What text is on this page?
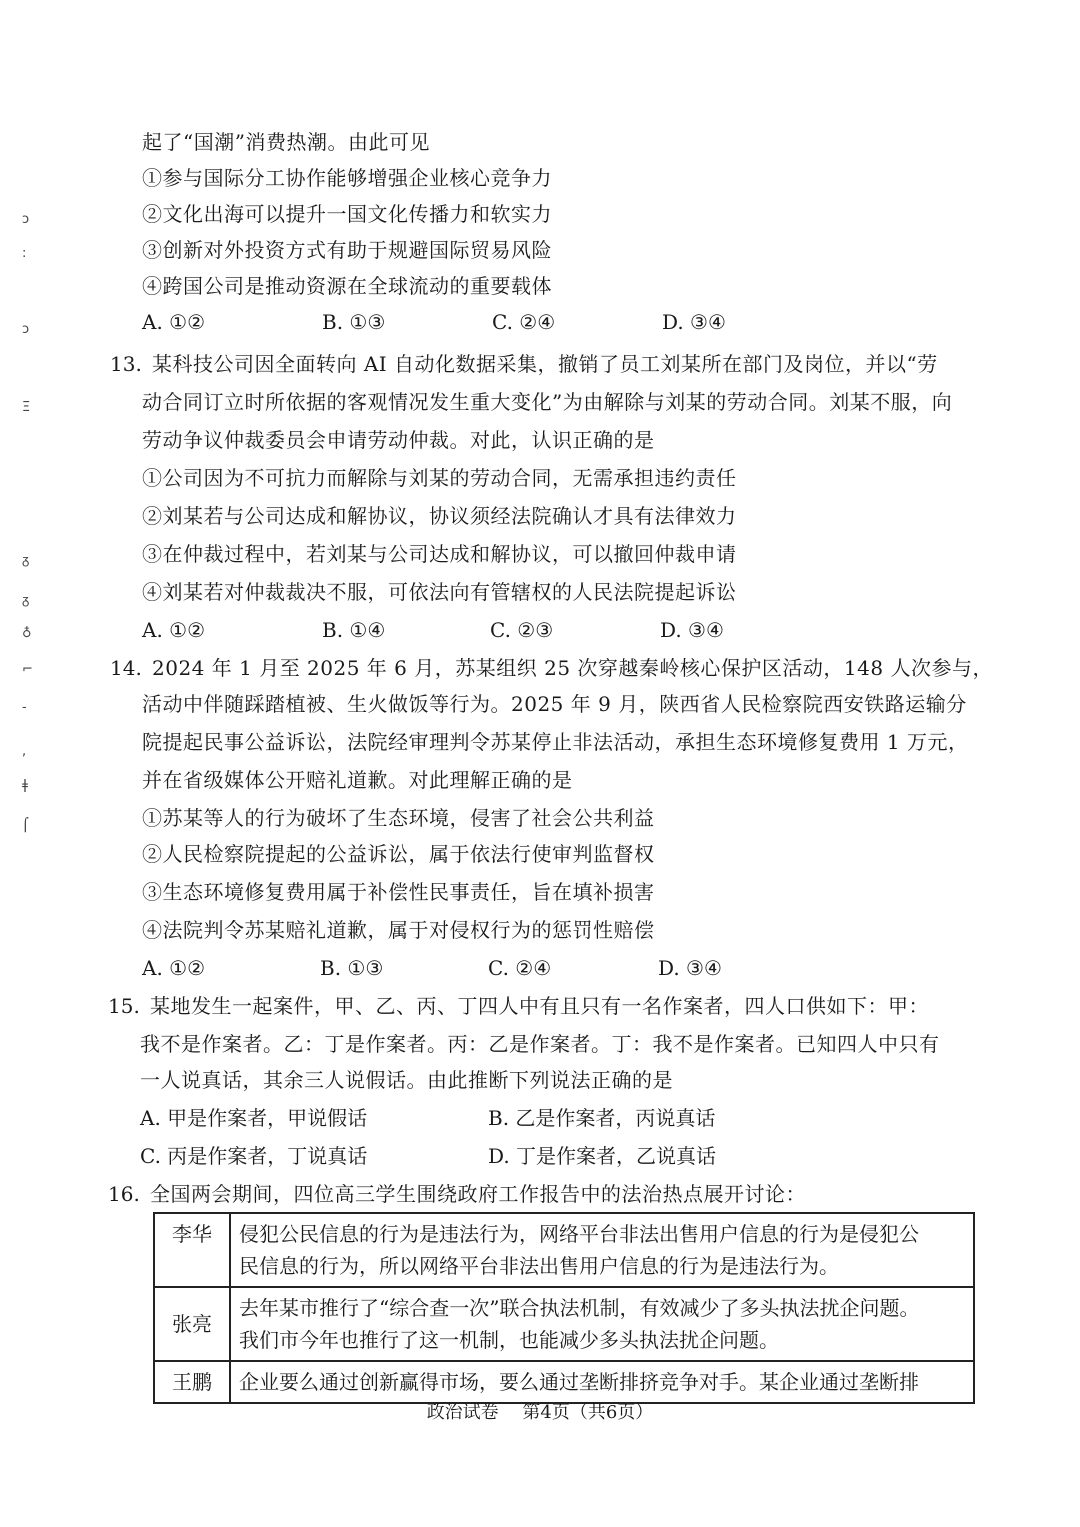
ɔ
:
ɔ
Ξ
ᵹ
ᵹ
♁
⌐
-
,
ǂ
⌠
起了“国潮”消费热潮。由此可见
①参与国际分工协作能够增强企业核心竞争力
②文化出海可以提升一国文化传播力和软实力
③创新对外投资方式有助于规避国际贸易风险
④跨国公司是推动资源在全球流动的重要载体
A. ①②	B. ①③	C. ②④	D. ③④
13. 某科技公司因全面转向 AI 自动化数据采集，撤销了员工刘某所在部门及岗位，并以“劳
动合同订立时所依据的客观情况发生重大变化”为由解除与刘某的劳动合同。刘某不服，向
劳动争议仲裁委员会申请劳动仲裁。对此，认识正确的是
①公司因为不可抗力而解除与刘某的劳动合同，无需承担违约责任
②刘某若与公司达成和解协议，协议须经法院确认才具有法律效力
③在仲裁过程中，若刘某与公司达成和解协议，可以撤回仲裁申请
④刘某若对仲裁裁决不服，可依法向有管辖权的人民法院提起诉讼
A. ①②	B. ①④	C. ②③	D. ③④
14. 2024 年 1 月至 2025 年 6 月，苏某组织 25 次穿越秦岭核心保护区活动，148 人次参与，
活动中伴随踩踏植被、生火做饭等行为。2025 年 9 月，陕西省人民检察院西安铁路运输分
院提起民事公益诉讼，法院经审理判令苏某停止非法活动，承担生态环境修复费用 1 万元，
并在省级媒体公开赔礼道歉。对此理解正确的是
①苏某等人的行为破坏了生态环境，侵害了社会公共利益
②人民检察院提起的公益诉讼，属于依法行使审判监督权
③生态环境修复费用属于补偿性民事责任，旨在填补损害
④法院判令苏某赔礼道歉，属于对侵权行为的惩罚性赔偿
A. ①②	B. ①③	C. ②④	D. ③④
15. 某地发生一起案件，甲、乙、丙、丁四人中有且只有一名作案者，四人口供如下：甲：
我不是作案者。乙：丁是作案者。丙：乙是作案者。丁：我不是作案者。已知四人中只有
一人说真话，其余三人说假话。由此推断下列说法正确的是
A. 甲是作案者，甲说假话	B. 乙是作案者，丙说真话
C. 丙是作案者，丁说真话	D. 丁是作案者，乙说真话
16. 全国两会期间，四位高三学生围绕政府工作报告中的法治热点展开讨论：
李华	侵犯公民信息的行为是违法行为，网络平台非法出售用户信息的行为是侵犯公
民信息的行为，所以网络平台非法出售用户信息的行为是违法行为。

张亮	去年某市推行了“综合查一次”联合执法机制，有效减少了多头执法扰企问题。
我们市今年也推行了这一机制，也能减少多头执法扰企问题。

王鹏	企业要么通过创新赢得市场，要么通过垄断排挤竞争对手。某企业通过垄断排
政治试卷　 第4页（共6页）
